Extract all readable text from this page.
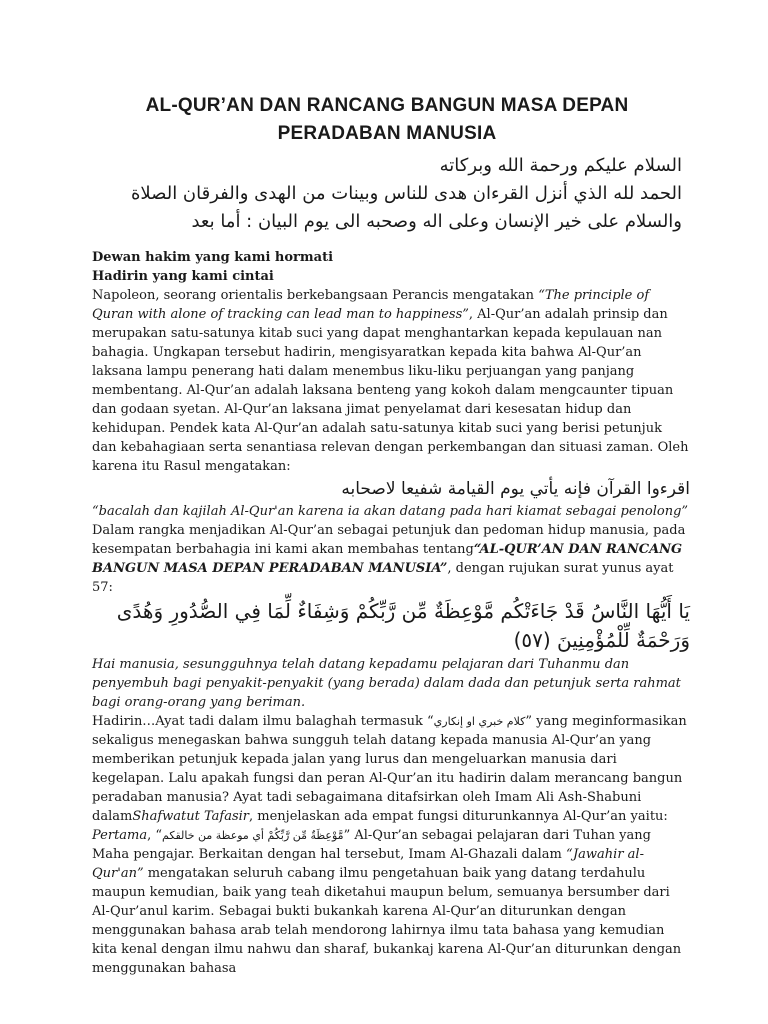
AL-QUR’AN DAN RANCANG BANGUN MASA DEPAN
PERADABAN MANUSIA
السلام عليكم ورحمة الله وبركاته
الحمد لله الذي أنزل القرءان هدى للناس وبينات من الهدى والفرقان الصلاة
والسلام على خير الإنسان وعلى اله وصحبه الى يوم البيان : أما بعد

Dewan hakim yang kami hormati

Hadirin yang kami cintai

Napoleon, seorang orientalis berkebangsaan Perancis mengatakan “The principle of Quran with alone of tracking can lead man to happiness”, Al-Qur’an adalah prinsip dan merupakan satu-satunya kitab suci yang dapat menghantarkan kepada kepulauan nan bahagia. Ungkapan tersebut hadirin, mengisyaratkan kepada kita bahwa Al-Qur’an laksana lampu penerang hati dalam menembus liku-liku perjuangan yang panjang membentang. Al-Qur’an adalah laksana benteng yang kokoh dalam mengcaunter tipuan dan godaan syetan. Al-Qur’an laksana jimat penyelamat dari kesesatan hidup dan kehidupan. Pendek kata Al-Qur’an adalah satu-satunya kitab suci yang berisi petunjuk dan kebahagiaan serta senantiasa relevan dengan perkembangan dan situasi zaman. Oleh karena itu Rasul mengatakan:

اقرءوا القرآن فإنه يأتي يوم القيامة شفيعا لاصحابه

“bacalah dan kajilah Al-Qur'an karena ia akan datang pada hari kiamat sebagai penolong”

Dalam rangka menjadikan Al-Qur’an sebagai petunjuk dan pedoman hidup manusia, pada kesempatan berbahagia ini kami akan membahas tentang“AL-QUR’AN DAN RANCANG BANGUN MASA DEPAN PERADABAN MANUSIA”, dengan rujukan surat yunus ayat 57:

يَا أَيُّهَا النَّاسُ قَدْ جَاءَتْكُم مَّوْعِظَةٌ مِّن رَّبِّكُمْ وَشِفَاءٌ لِّمَا فِي الصُّدُورِ وَهُدًى
وَرَحْمَةٌ لِّلْمُؤْمِنِينَ (٥٧)

Hai manusia, sesungguhnya telah datang kepadamu pelajaran dari Tuhanmu dan penyembuh bagi penyakit-penyakit (yang berada) dalam dada dan petunjuk serta rahmat bagi orang-orang yang beriman.

Hadirin…Ayat tadi dalam ilmu balaghah termasuk “كلام خبري او إنكاري” yang meginformasikan sekaligus menegaskan bahwa sungguh telah datang kepada manusia Al-Qur’an yang memberikan petunjuk kepada jalan yang lurus dan mengeluarkan manusia dari kegelapan. Lalu apakah fungsi dan peran Al-Qur’an itu hadirin dalam merancang bangun peradaban manusia? Ayat tadi sebagaimana ditafsirkan oleh Imam Ali Ash-Shabuni dalamShafwatut Tafasir, menjelaskan ada empat fungsi diturunkannya Al-Qur’an yaitu:

Pertama, “مَّوْعِظَةٌ مِّن رَّبِّكُمْ أي موعظة من خالقكم” Al-Qur’an sebagai pelajaran dari Tuhan yang Maha pengajar. Berkaitan dengan hal tersebut, Imam Al-Ghazali dalam “Jawahir al-Qur'an” mengatakan seluruh cabang ilmu pengetahuan baik yang datang terdahulu maupun kemudian, baik yang teah diketahui maupun belum, semuanya bersumber dari Al-Qur’anul karim. Sebagai bukti bukankah karena Al-Qur’an diturunkan dengan menggunakan bahasa arab telah mendorong lahirnya ilmu tata bahasa yang kemudian kita kenal dengan ilmu nahwu dan sharaf, bukankaj karena Al-Qur’an diturunkan dengan menggunakan bahasa
